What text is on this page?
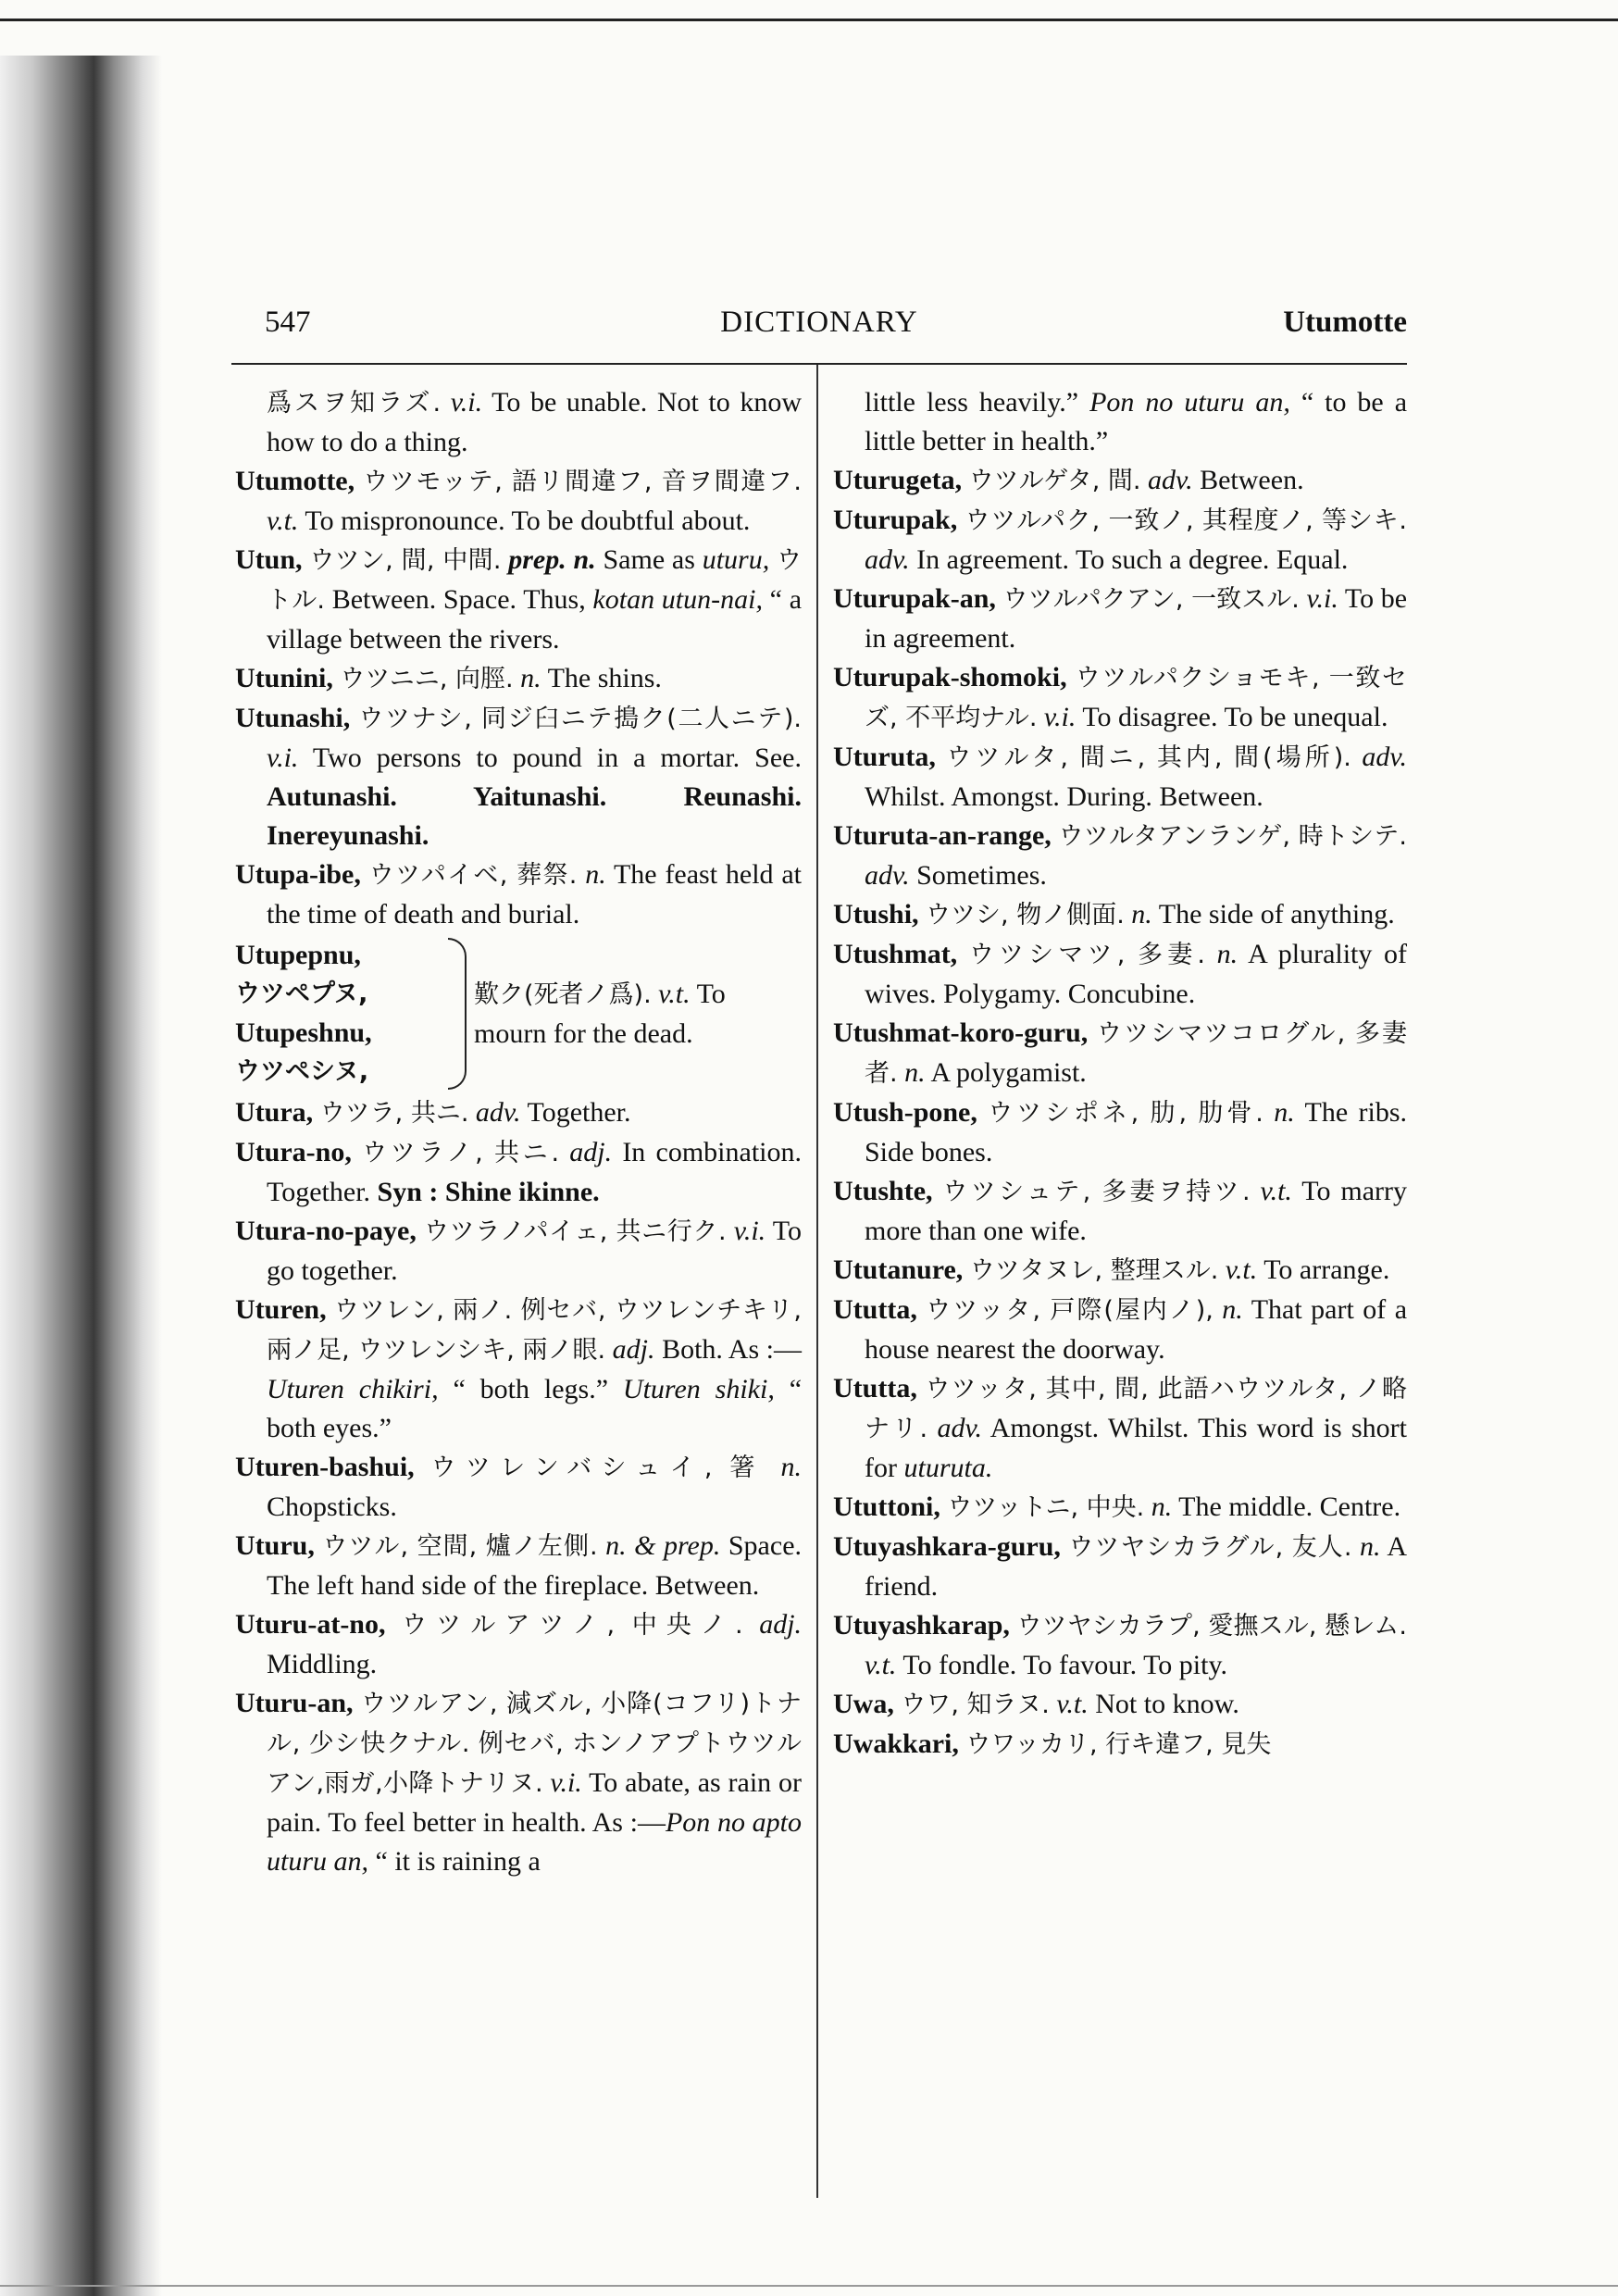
547	DICTIONARY	Utumotte

爲スヲ知ラズ. v.i. To be unable. Not to know how to do a thing.

Utumotte, ウツモッテ, 語リ間違フ, 音ヲ間違フ. v.t. To mispronounce. To be doubtful about.

Utun, ウツン, 間, 中間. prep. n. Same as uturu, ウトル. Between. Space. Thus, kotan utun-nai, “ a village between the rivers.

Utunini, ウツニニ, 向脛. n. The shins.

Utunashi, ウツナシ, 同ジ臼ニテ搗ク(二人ニテ). v.i. Two persons to pound in a mortar. See. Autunashi. Yaitunashi. Reunashi. Inereyunashi.

Utupa-ibe, ウツパイベ, 葬祭. n. The feast held at the time of death and burial.

Utupepnu,
ウツペプヌ,
Utupeshnu,
ウツペシヌ,
歎ク(死者ノ爲). v.t. To mourn for the dead.

Utura, ウツラ, 共ニ. adv. Together.

Utura-no, ウツラノ, 共ニ. adj. In combination. Together. Syn : Shine ikinne.

Utura-no-paye, ウツラノパイェ, 共ニ行ク. v.i. To go together.

Uturen, ウツレン, 兩ノ. 例セバ, ウツレンチキリ, 兩ノ足, ウツレンシキ, 兩ノ眼. adj. Both. As :—Uturen chikiri, “ both legs.” Uturen shiki, “ both eyes.”

Uturen-bashui, ウツレンバシュイ, 箸 n. Chopsticks.

Uturu, ウツル, 空間, 爐ノ左側. n. & prep. Space. The left hand side of the fireplace. Between.

Uturu-at-no, ウツルアツノ, 中央ノ. adj. Middling.

Uturu-an, ウツルアン, 減ズル, 小降(コフリ)トナル, 少シ快クナル. 例セバ, ホンノアプトウツルアン,雨ガ,小降トナリヌ. v.i. To abate, as rain or pain. To feel better in health. As :—Pon no apto uturu an, “ it is raining a

little less heavily.” Pon no uturu an, “ to be a little better in health.”

Uturugeta, ウツルゲタ, 間. adv. Between.

Uturupak, ウツルパク, 一致ノ, 其程度ノ, 等シキ. adv. In agreement. To such a degree. Equal.

Uturupak-an, ウツルパクアン, 一致スル. v.i. To be in agreement.

Uturupak-shomoki, ウツルパクショモキ, 一致セズ, 不平均ナル. v.i. To disagree. To be unequal.

Uturuta, ウツルタ, 間ニ, 其内, 間(場所). adv. Whilst. Amongst. During. Between.

Uturuta-an-range, ウツルタアンランゲ, 時トシテ. adv. Sometimes.

Utushi, ウツシ, 物ノ側面. n. The side of anything.

Utushmat, ウツシマツ, 多妻. n. A plurality of wives. Polygamy. Concubine.

Utushmat-koro-guru, ウツシマツコログル, 多妻者. n. A polygamist.

Utush-pone, ウツシポネ, 肋, 肋骨. n. The ribs. Side bones.

Utushte, ウツシュテ, 多妻ヲ持ツ. v.t. To marry more than one wife.

Ututanure, ウツタヌレ, 整理スル. v.t. To arrange.

Ututta, ウツッタ, 戸際(屋内ノ), n. That part of a house nearest the doorway.

Ututta, ウツッタ, 其中, 間, 此語ハウツルタ, ノ略ナリ. adv. Amongst. Whilst. This word is short for uturuta.

Ututtoni, ウツットニ, 中央. n. The middle. Centre.

Utuyashkara-guru, ウツヤシカラグル, 友人. n. A friend.

Utuyashkarap, ウツヤシカラプ, 愛撫スル, 懸レム. v.t. To fondle. To favour. To pity.

Uwa, ウワ, 知ラヌ. v.t. Not to know.

Uwakkari, ウワッカリ, 行キ違フ, 見失
